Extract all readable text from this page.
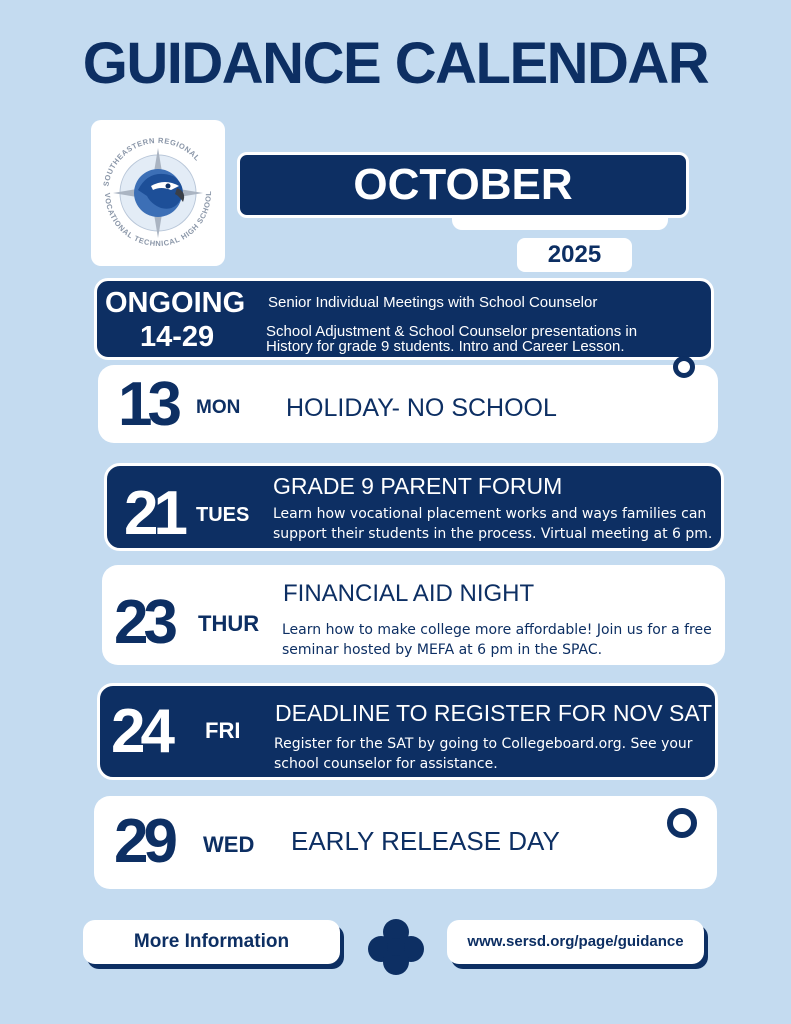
GUIDANCE CALENDAR
SOUTHEASTERN REGIONAL
VOCATIONAL TECHNICAL HIGH SCHOOL	OCTOBER
2025
ONGOING
14-29
Senior Individual Meetings with School Counselor
School Adjustment & School Counselor presentations in History for grade 9 students. Intro and Career Lesson.
13 MON HOLIDAY- NO SCHOOL
21 TUES
GRADE 9 PARENT FORUM
Learn how vocational placement works and ways families can support their students in the process. Virtual meeting at 6 pm.
23 THUR
FINANCIAL AID NIGHT
Learn how to make college more affordable! Join us for a free seminar hosted by MEFA at 6 pm in the SPAC.
24 FRI
DEADLINE TO REGISTER FOR NOV SAT
Register for the SAT by going to Collegeboard.org. See your school counselor for assistance.
29 WED EARLY RELEASE DAY
More Information	www.sersd.org/page/guidance
